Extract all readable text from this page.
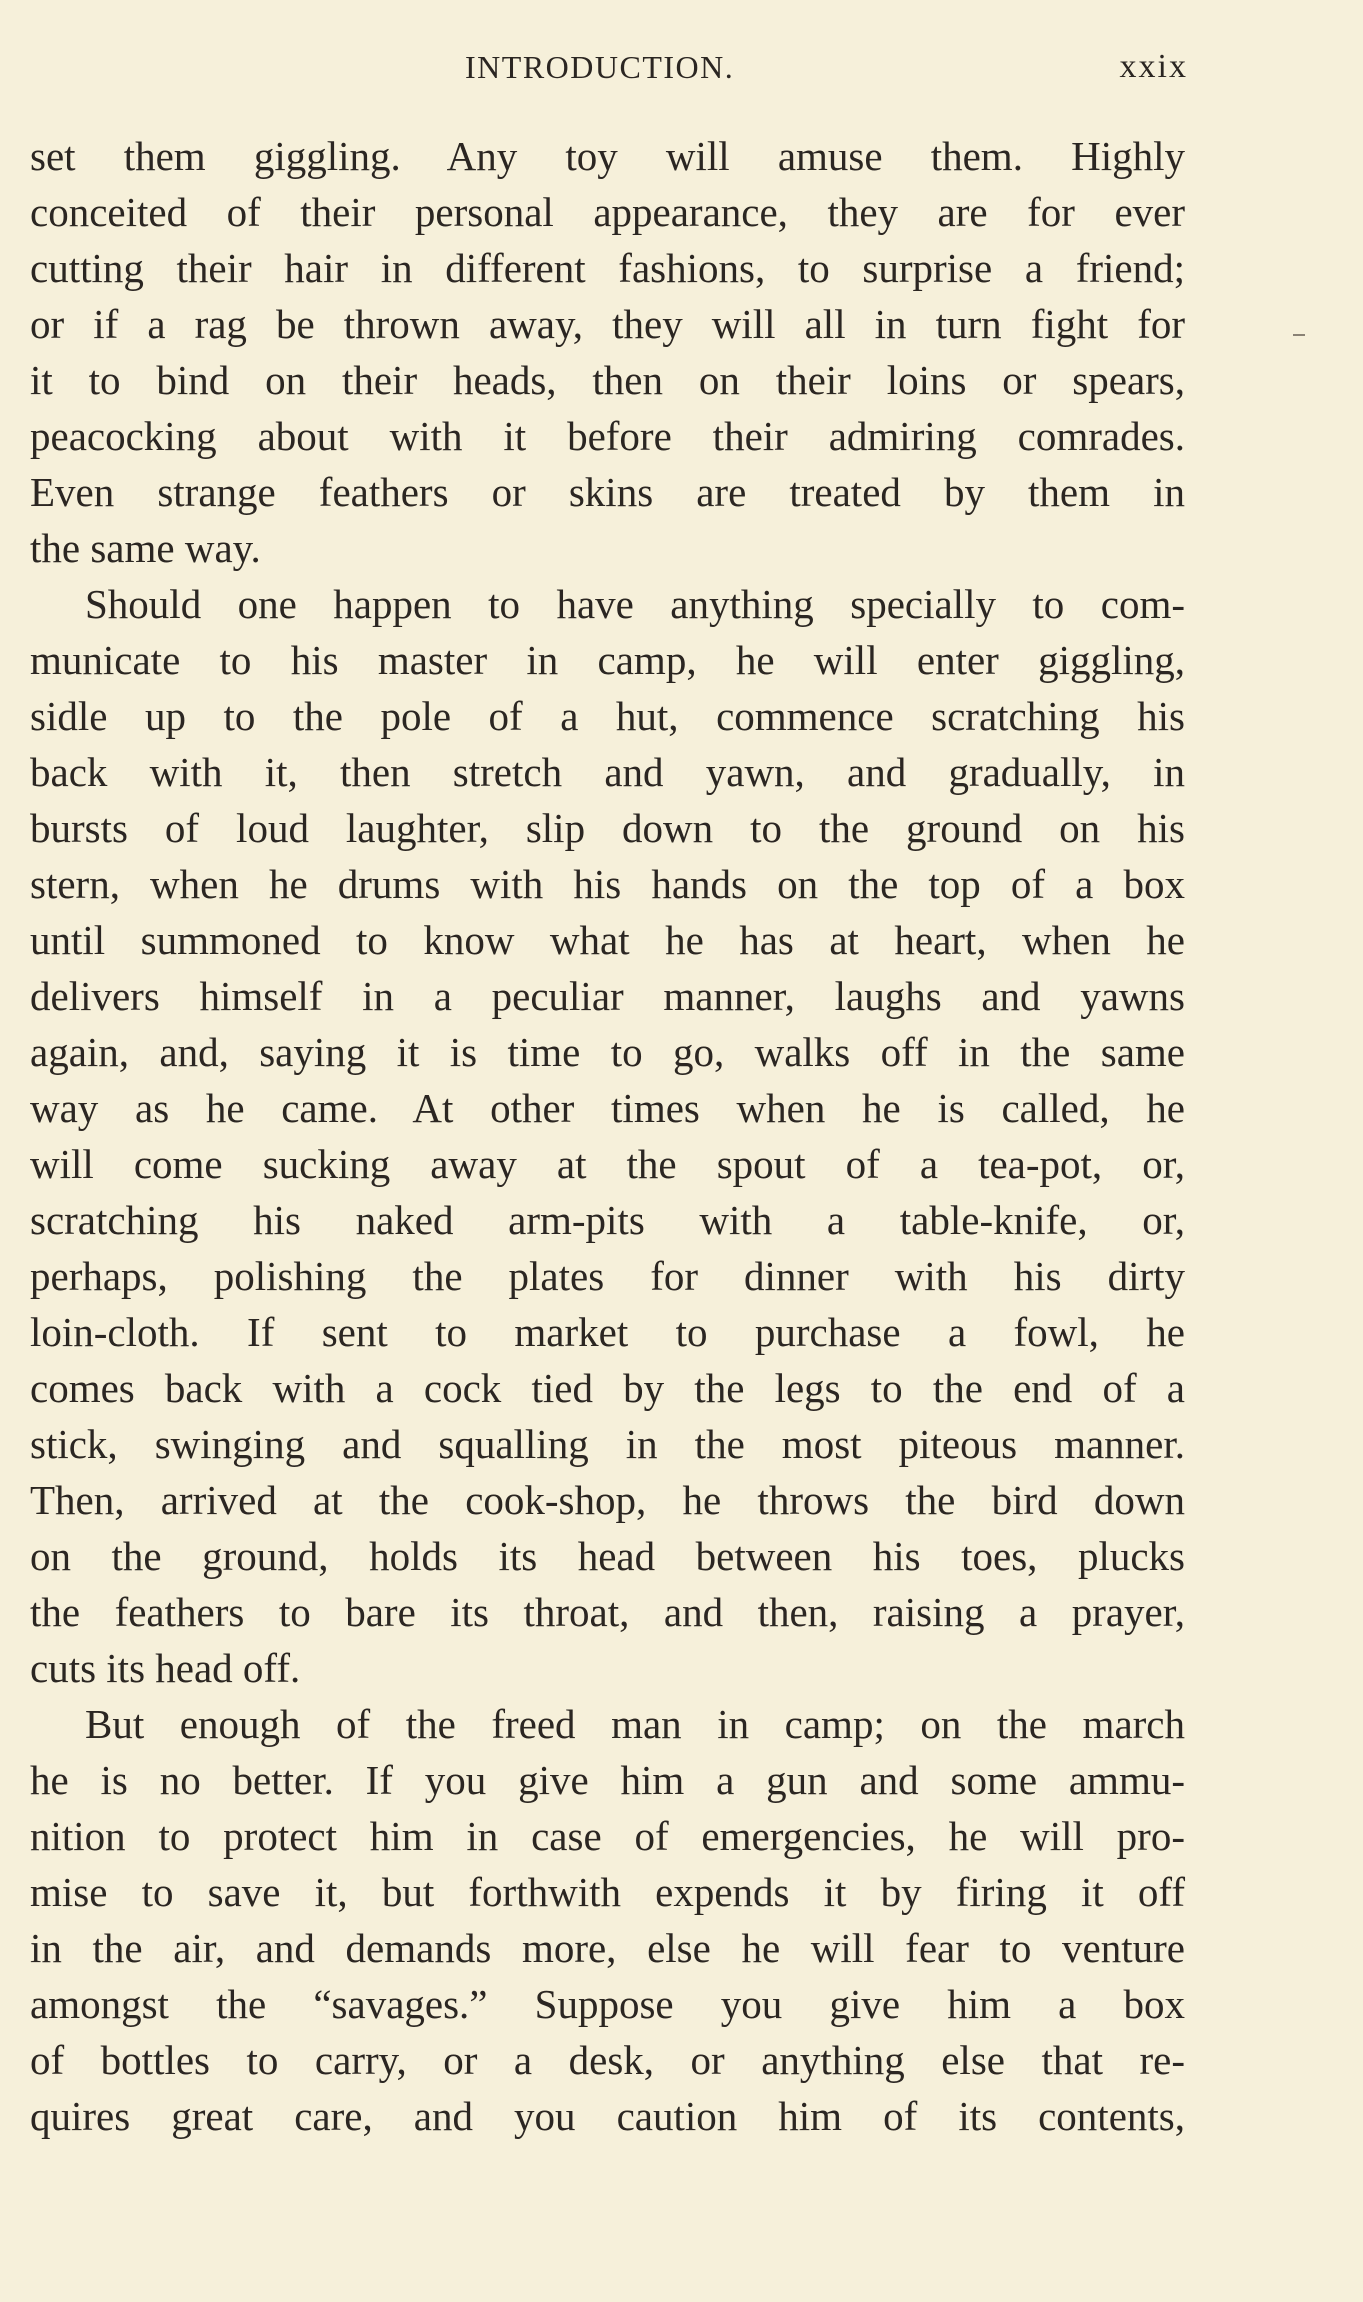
INTRODUCTION.	xxix
set them giggling. Any toy will amuse them. Highly
conceited of their personal appearance, they are for ever
cutting their hair in different fashions, to surprise a friend;
or if a rag be thrown away, they will all in turn fight for
it to bind on their heads, then on their loins or spears,
peacocking about with it before their admiring comrades.
Even strange feathers or skins are treated by them in
the same way.
Should one happen to have anything specially to com-
municate to his master in camp, he will enter giggling,
sidle up to the pole of a hut, commence scratching his
back with it, then stretch and yawn, and gradually, in
bursts of loud laughter, slip down to the ground on his
stern, when he drums with his hands on the top of a box
until summoned to know what he has at heart, when he
delivers himself in a peculiar manner, laughs and yawns
again, and, saying it is time to go, walks off in the same
way as he came. At other times when he is called, he
will come sucking away at the spout of a tea-pot, or,
scratching his naked arm-pits with a table-knife, or,
perhaps, polishing the plates for dinner with his dirty
loin-cloth. If sent to market to purchase a fowl, he
comes back with a cock tied by the legs to the end of a
stick, swinging and squalling in the most piteous manner.
Then, arrived at the cook-shop, he throws the bird down
on the ground, holds its head between his toes, plucks
the feathers to bare its throat, and then, raising a prayer,
cuts its head off.
But enough of the freed man in camp; on the march
he is no better. If you give him a gun and some ammu-
nition to protect him in case of emergencies, he will pro-
mise to save it, but forthwith expends it by firing it off
in the air, and demands more, else he will fear to venture
amongst the “savages.” Suppose you give him a box
of bottles to carry, or a desk, or anything else that re-
quires great care, and you caution him of its contents,
